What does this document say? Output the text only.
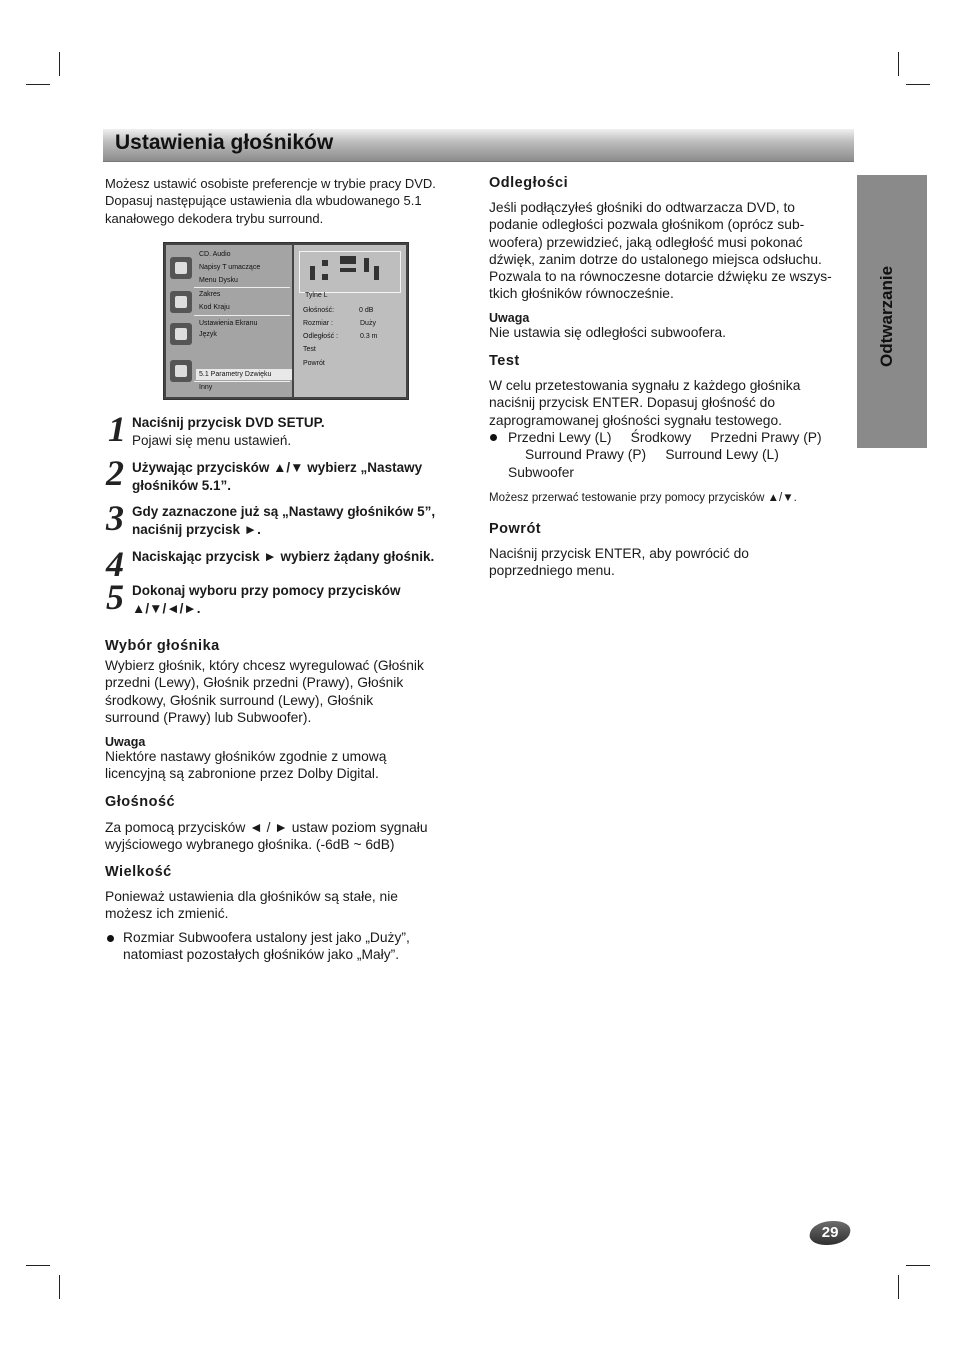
Ustawienia głośników
Odtwarzanie

Możesz ustawić osobiste preferencje w trybie pracy DVD.

Dopasuj następujące ustawienia dla wbudowanego 5.1

kanałowego dekodera trybu surround.

CD. Audio
Napisy T umaczące
Menu Dysku
Zakres
Kod Kraju
Ustawienia Ekranu
Język
5.1 Parametry Dzwięku
Inny
Tylne L
Głośność:	0 dB
Rozmiar :	Duży
Odległość :	0.3 m
Test
Powrót
1 Naciśnij przycisk DVD SETUP.
Pojawi się menu ustawień.
2 Używając przycisków ▲/▼ wybierz „Nastawy
głośników 5.1”.
3 Gdy zaznaczone już są „Nastawy głośników 5”,
naciśnij przycisk ►.
4 Naciskając przycisk ► wybierz żądany głośnik.
5 Dokonaj wyboru przy pomocy przycisków
▲/▼/◄/►.
Wybór głośnika

Wybierz głośnik, który chcesz wyregulować (Głośnik

przedni (Lewy), Głośnik przedni (Prawy), Głośnik

środkowy, Głośnik surround (Lewy), Głośnik

surround (Prawy) lub Subwoofer).

Uwaga

Niektóre nastawy głośników zgodnie z umową

licencyjną są zabronione przez Dolby Digital.

Głośność

Za pomocą przycisków ◄ / ► ustaw poziom sygnału

wyjściowego wybranego głośnika. (-6dB ~ 6dB)

Wielkość

Ponieważ ustawienia dla głośników są stałe, nie

możesz ich zmienić.

Rozmiar Subwoofera ustalony jest jako „Duży”,

natomiast pozostałych głośników jako „Mały”.

Odległości

Jeśli podłączyłeś głośniki do odtwarzacza DVD, to

podanie odległości pozwala głośnikom (oprócz sub-

woofera) przewidzieć, jaką odległość musi pokonać

dźwięk, zanim dotrze do ustalonego miejsca odsłuchu.

Pozwala to na równoczesne dotarcie dźwięku ze wszys-

tkich głośników równocześnie.

Uwaga
Nie ustawia się odległości subwoofera.
Test

W celu przetestowania sygnału z każdego głośnika

naciśnij przycisk ENTER. Dopasuj głośność do

zaprogramowanej głośności sygnału testowego.

Przedni Lewy (L)     Środkowy     Przedni Prawy (P)

Surround Prawy (P)     Surround Lewy (L)

Subwoofer

Możesz przerwać testowanie przy pomocy przycisków ▲/▼.
Powrót

Naciśnij przycisk ENTER, aby powrócić do

poprzedniego menu.

29
